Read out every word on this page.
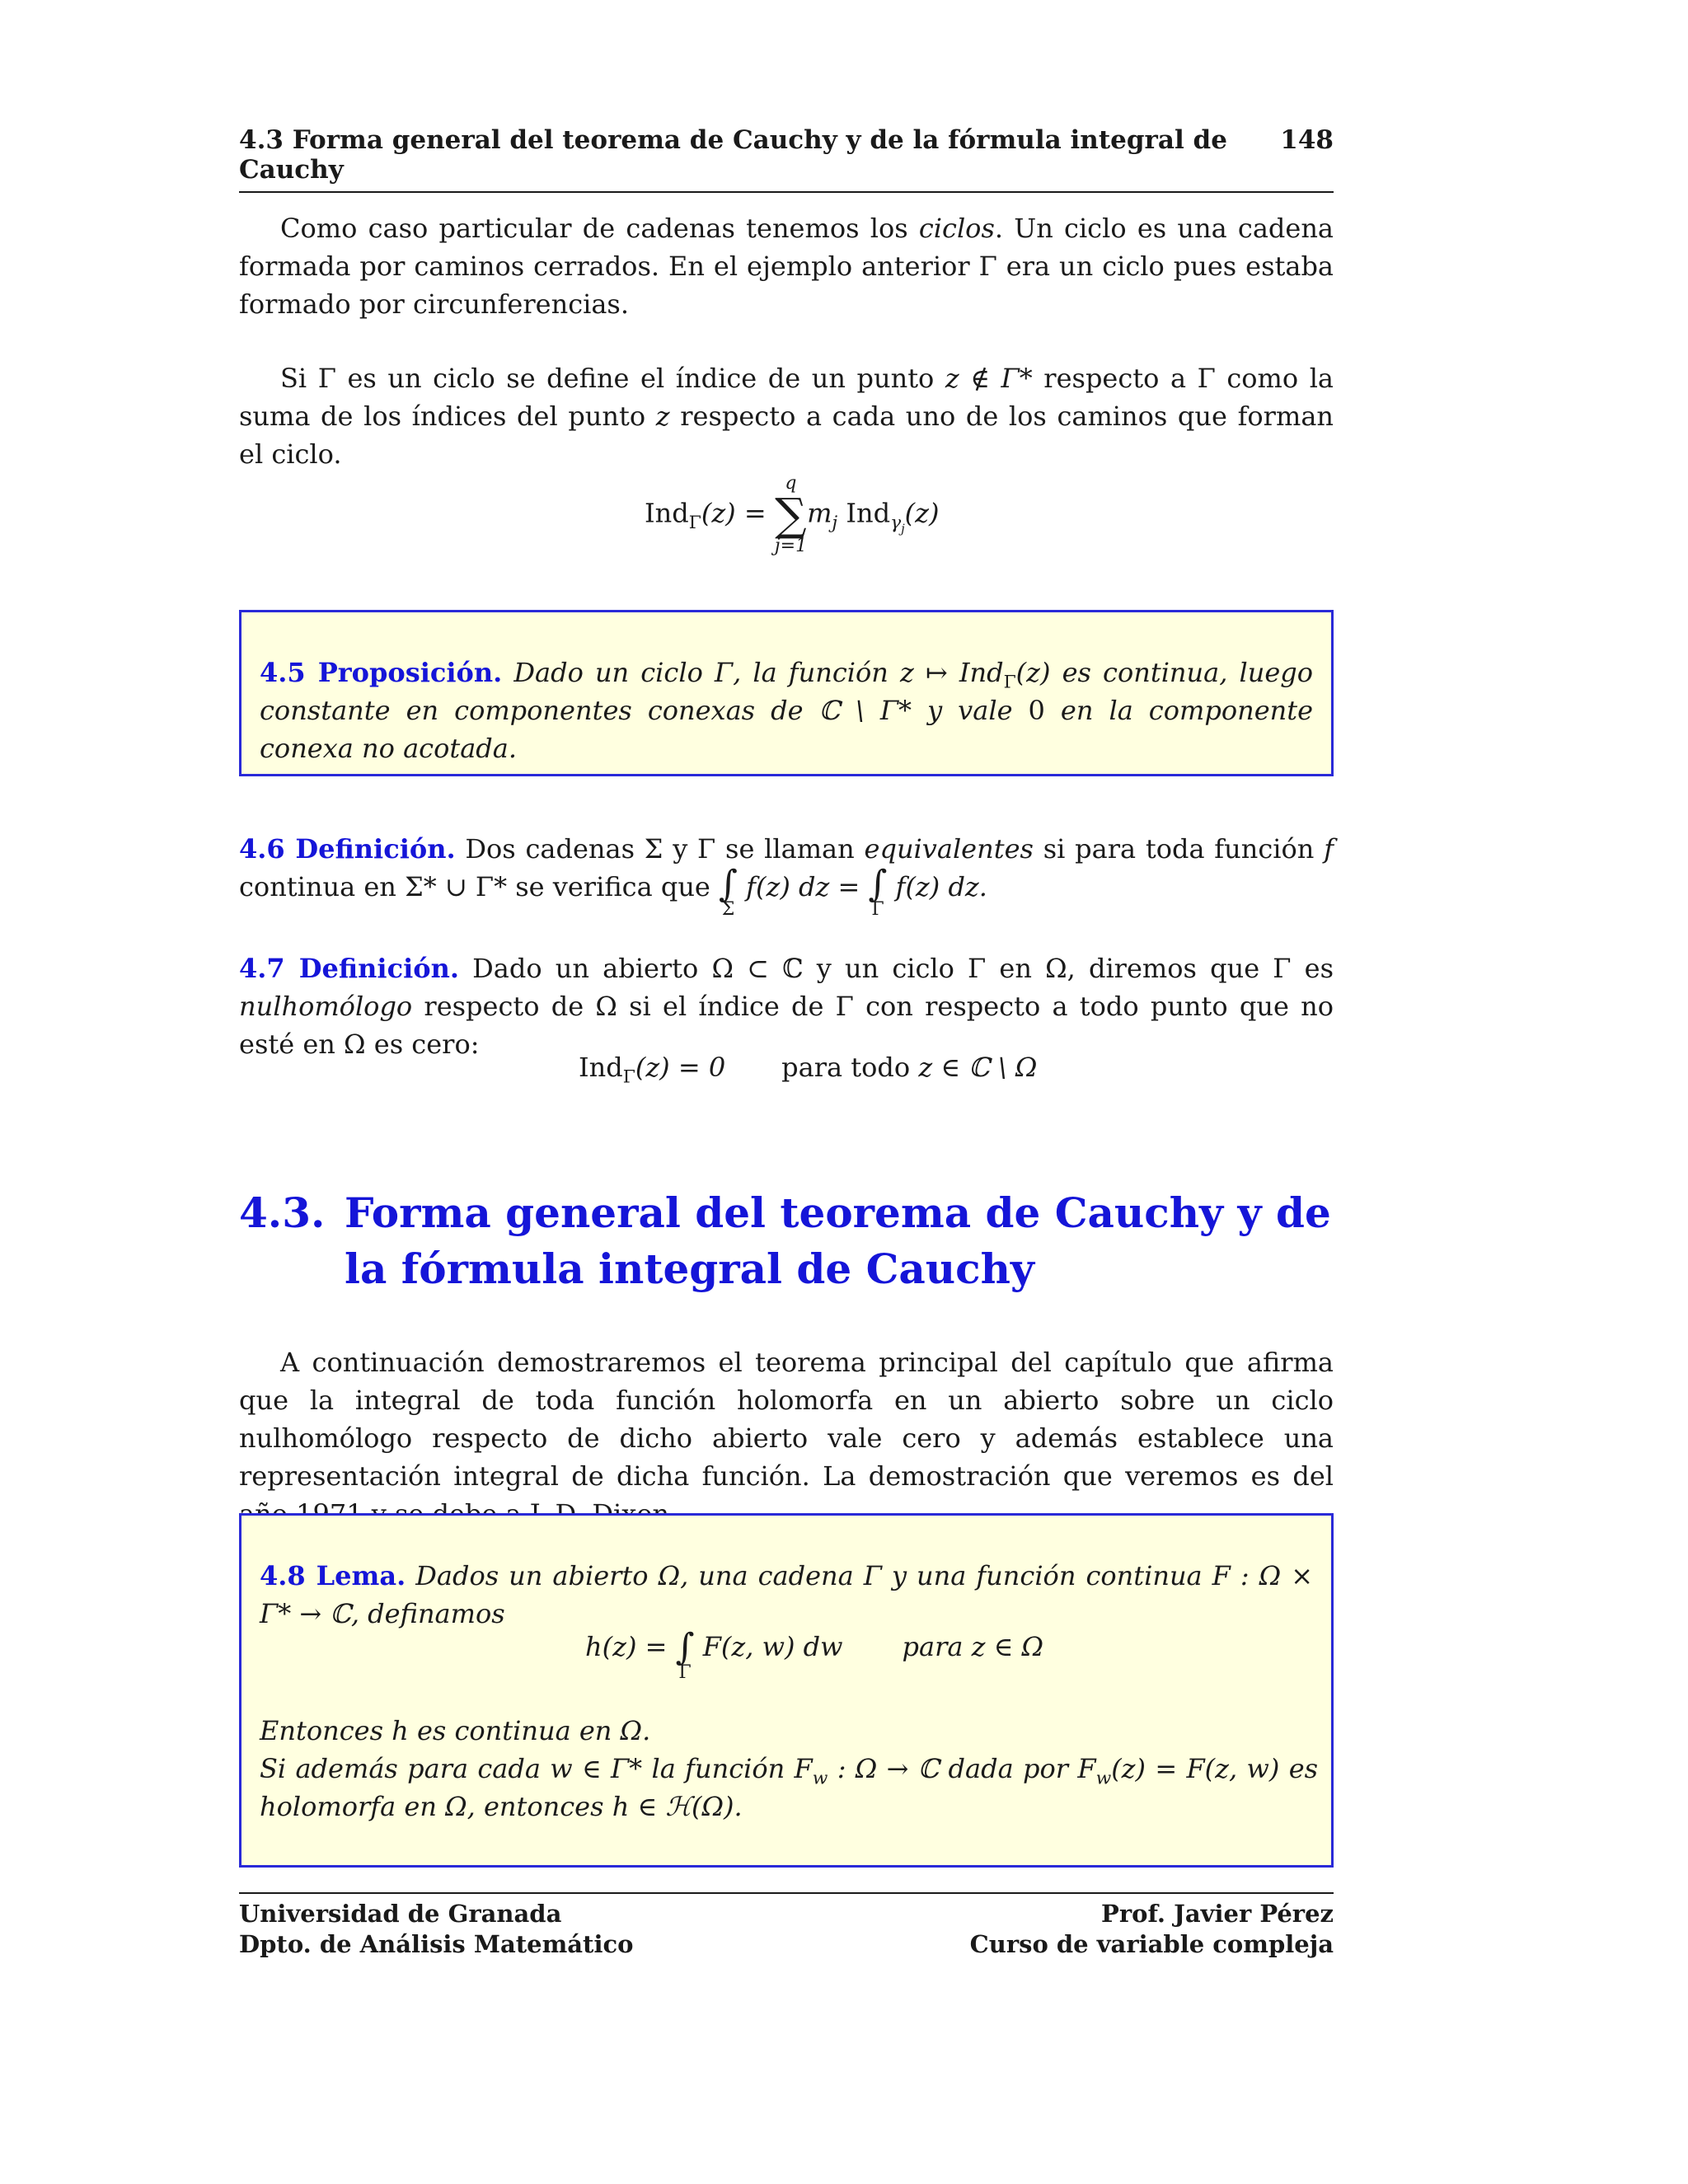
4.3 Forma general del teorema de Cauchy y de la fórmula integral de Cauchy
148
Como caso particular de cadenas tenemos los ciclos. Un ciclo es una cadena formada por caminos cerrados. En el ejemplo anterior Γ era un ciclo pues estaba formado por circunferencias.
Si Γ es un ciclo se define el índice de un punto z ∉ Γ* respecto a Γ como la suma de los índices del punto z respecto a cada uno de los caminos que forman el ciclo.
Ind$_\Gamma$(z) =
q
∑
j=1
$m_j$ Ind$_{\gamma_j}$(z)
4.5 Proposición. Dado un ciclo Γ, la función z ↦ Ind$_\Gamma$(z) es continua, luego constante en componentes conexas de ℂ \ Γ* y vale 0 en la componente conexa no acotada.
4.6 Definición. Dos cadenas Σ y Γ se llaman equivalentes si para toda función f continua en Σ* ∪ Γ* se verifica que ∫
Σ
f(z) dz = ∫
Γ
f(z) dz.
4.7 Definición. Dado un abierto Ω ⊂ ℂ y un ciclo Γ en Ω, diremos que Γ es nulhomólogo respecto de Ω si el índice de Γ con respecto a todo punto que no esté en Ω es cero:
Ind$_\Gamma$(z) = 0 para todo z ∈ ℂ \ Ω
4.3. Forma general del teorema de Cauchy y de la fórmula integral de Cauchy
A continuación demostraremos el teorema principal del capítulo que afirma que la integral de toda función holomorfa en un abierto sobre un ciclo nulhomólogo respecto de dicho abierto vale cero y además establece una representación integral de dicha función. La demostración que veremos es del
4.8 Lema. Dados un abierto Ω, una cadena Γ y una función continua F : Ω × Γ* → ℂ, definamos
h(z) = ∫
Γ
F(z, w) dw para z ∈ Ω
Entonces h es continua en Ω.
Si además para cada w ∈ Γ* la función $F_w$ : Ω → ℂ dada por $F_w(z) = F(z$, w) es holomorfa en Ω, entonces h ∈ ℋ(Ω).
Universidad de Granada
Dpto. de Análisis Matemático
Prof. Javier Pérez
Curso de variable compleja
